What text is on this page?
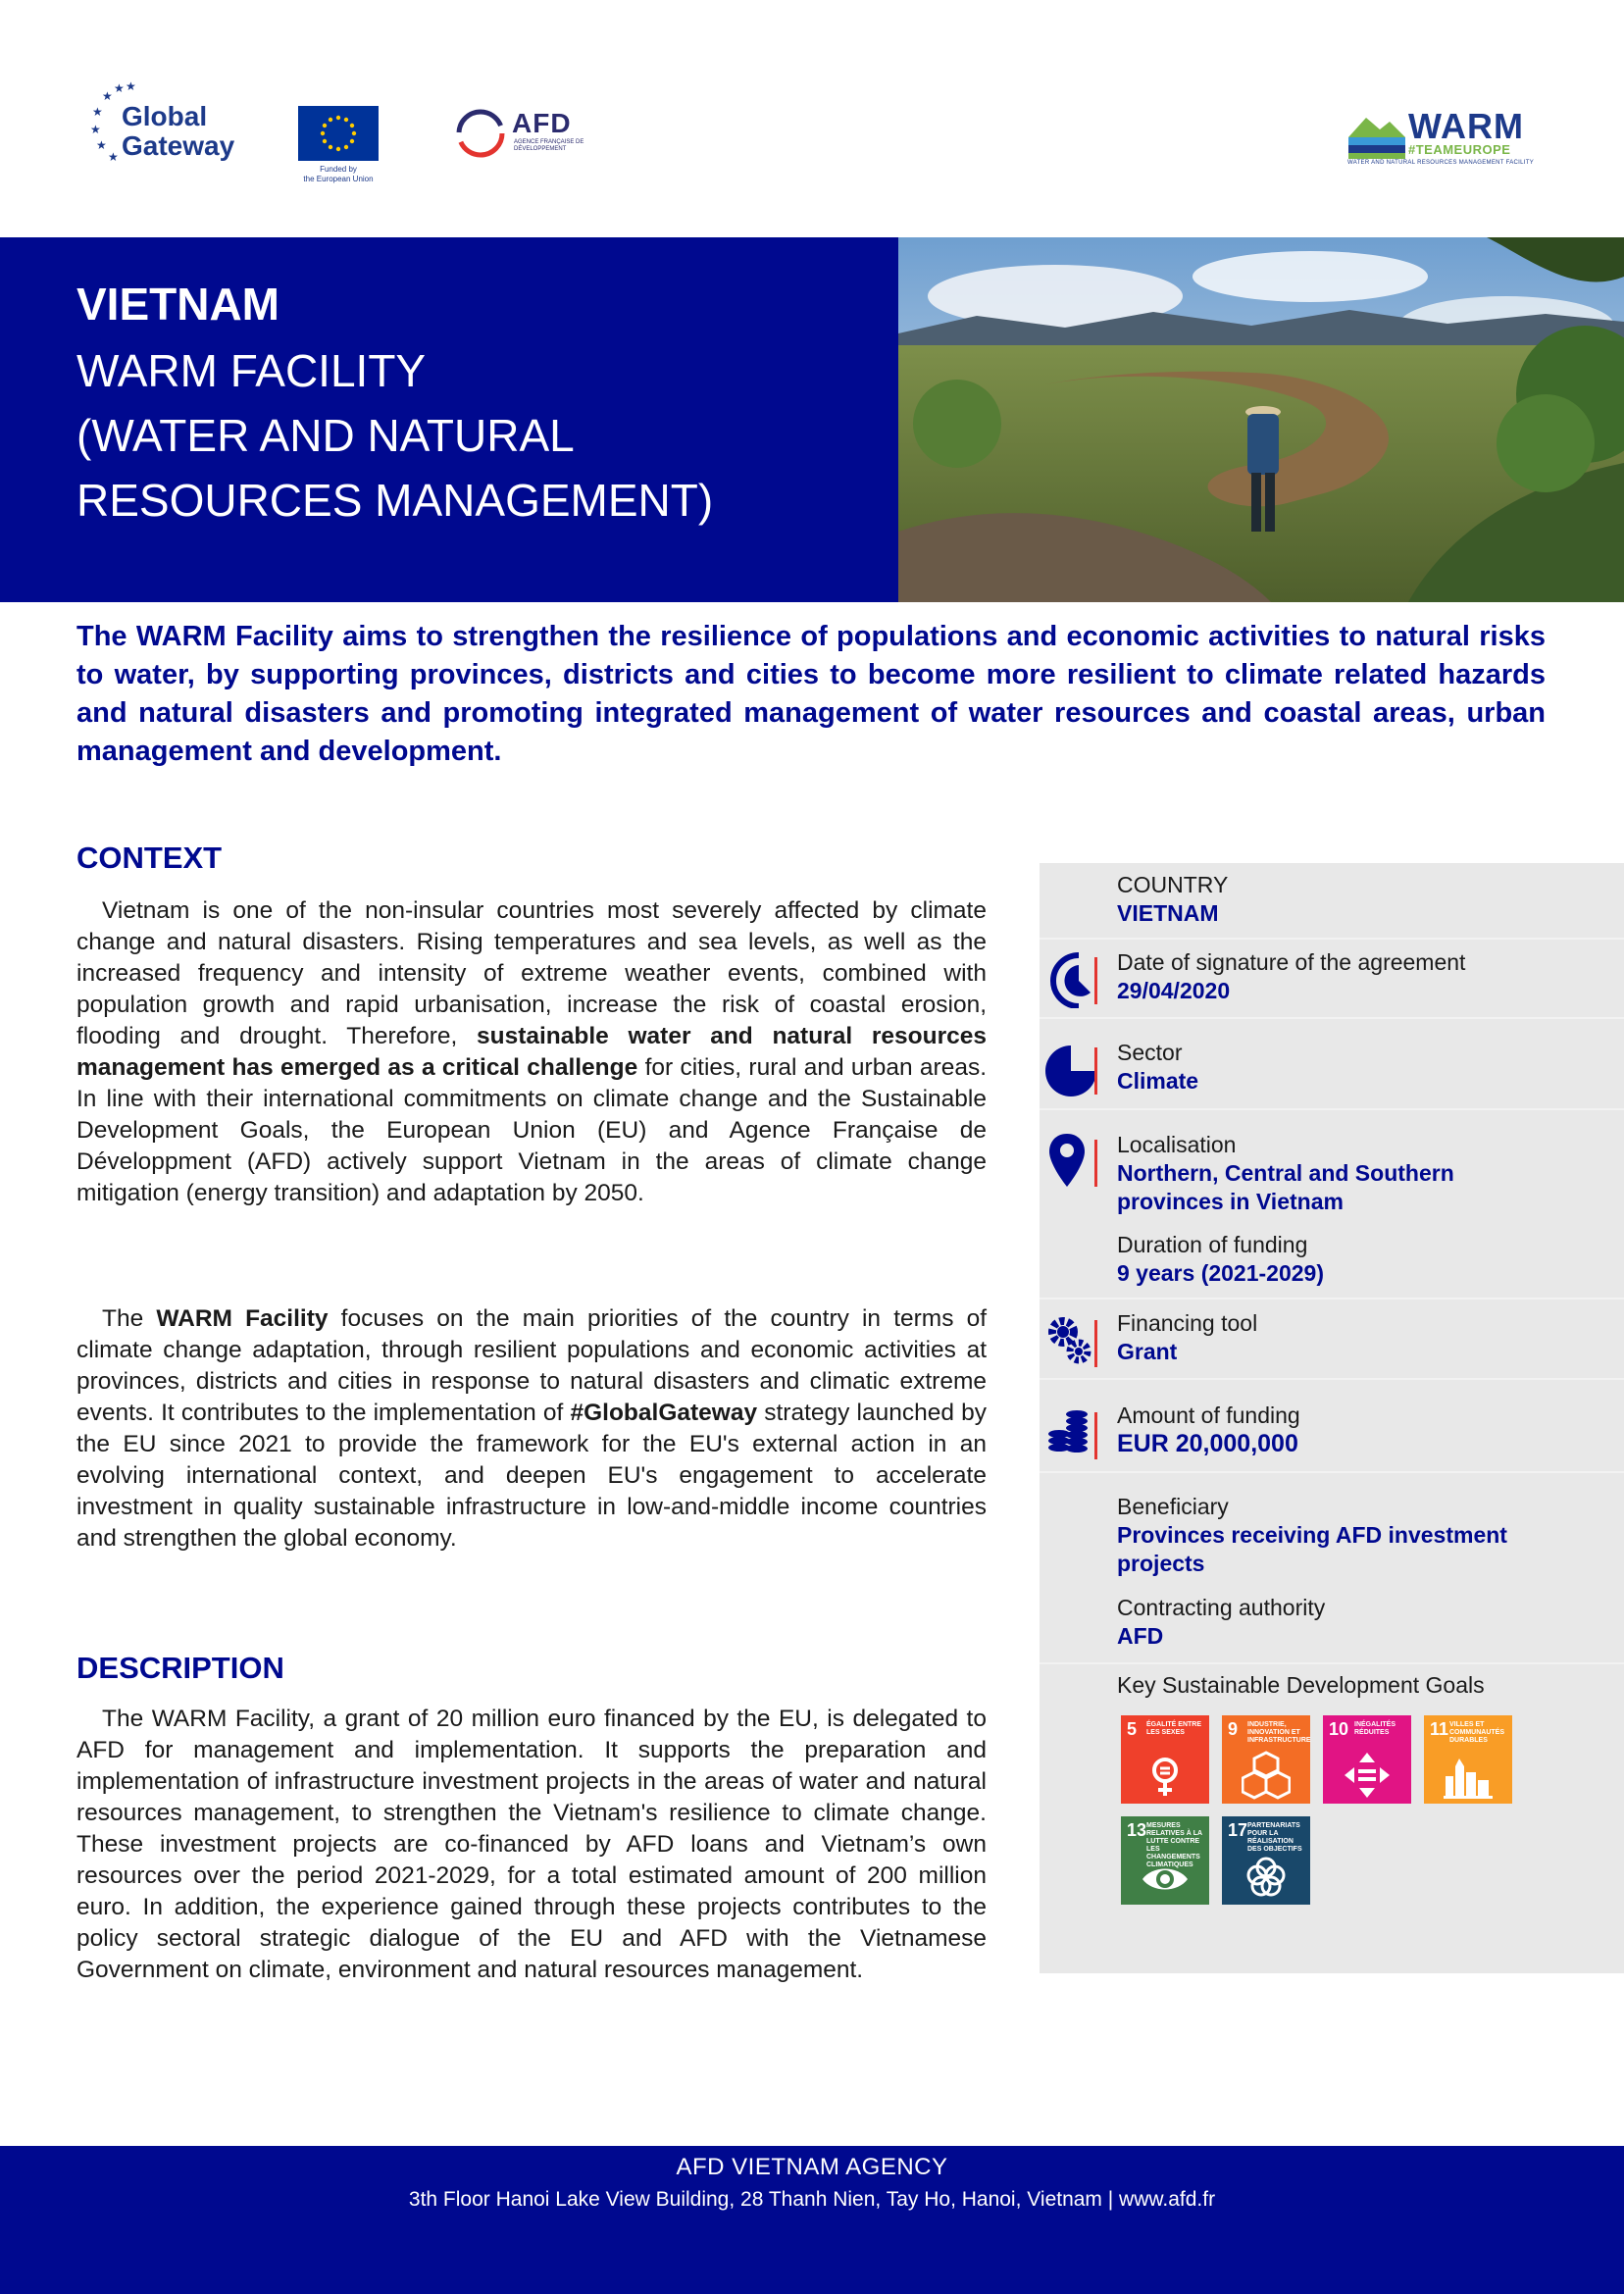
★ ★
★
★
★
★
★
Global
Gateway
Funded by
the European Union
AFD
AGENCE FRANÇAISE DE DÉVELOPPEMENT
WARM
#TEAMEUROPE
WATER AND NATURAL RESOURCES MANAGEMENT FACILITY
VIETNAM
WARM FACILITY
(WATER AND NATURAL
RESOURCES MANAGEMENT)
The WARM Facility aims to strengthen the resilience of populations and economic activities to natural risks to water, by supporting provinces, districts and cities to become more resilient to climate related hazards and natural disasters and promoting integrated management of water resources and coastal areas, urban management and development.
CONTEXT
Vietnam is one of the non-insular countries most severely affected by climate change and natural disasters. Rising temperatures and sea levels, as well as the increased frequency and intensity of extreme weather events, combined with population growth and rapid urbanisation, increase the risk of coastal erosion, flooding and drought. Therefore, sustainable water and natural resources management has emerged as a critical challenge for cities, rural and urban areas. In line with their international commitments on climate change and the Sustainable Development Goals, the European Union (EU) and Agence Française de Développment (AFD) actively support Vietnam in the areas of climate change mitigation (energy transition) and adaptation by 2050.
The WARM Facility focuses on the main priorities of the country in terms of climate change adaptation, through resilient populations and economic activities at provinces, districts and cities in response to natural disasters and climatic extreme events. It contributes to the implementation of #GlobalGateway strategy launched by the EU since 2021 to provide the framework for the EU's external action in an evolving international context, and deepen EU's engagement to accelerate investment in quality sustainable infrastructure in low-and-middle income countries and strengthen the global economy.
DESCRIPTION
The WARM Facility, a grant of 20 million euro financed by the EU, is delegated to AFD for management and implementation. It supports the preparation and implementation of infrastructure investment projects in the areas of water and natural resources management, to strengthen the Vietnam's resilience to climate change. These investment projects are co-financed by AFD loans and Vietnam’s own resources over the period 2021-2029, for a total estimated amount of 200 million euro. In addition, the experience gained through these projects contributes to the policy sectoral strategic dialogue of the EU and AFD with the Vietnamese Government on climate, environment and natural resources management.
COUNTRY
VIETNAM
Date of signature of the agreement
29/04/2020
Sector
Climate
Localisation
Northern, Central and Southern
provinces in Vietnam
Duration of funding
9 years (2021-2029)
Financing tool
Grant
Amount of funding
EUR 20,000,000
Beneficiary
Provinces receiving AFD investment
projects
Contracting authority
AFD
Key Sustainable Development Goals
5 ÉGALITÉ ENTRE LES SEXES	9 INDUSTRIE, INNOVATION ET INFRASTRUCTURE
10 INÉGALITÉS RÉDUITES	11 VILLES ET COMMUNAUTÉS DURABLES
13 MESURES RELATIVES À LA LUTTE CONTRE LES CHANGEMENTS CLIMATIQUES
17 PARTENARIATS POUR LA RÉALISATION DES OBJECTIFS
AFD VIETNAM AGENCY
3th Floor Hanoi Lake View Building, 28 Thanh Nien, Tay Ho, Hanoi, Vietnam | www.afd.fr
